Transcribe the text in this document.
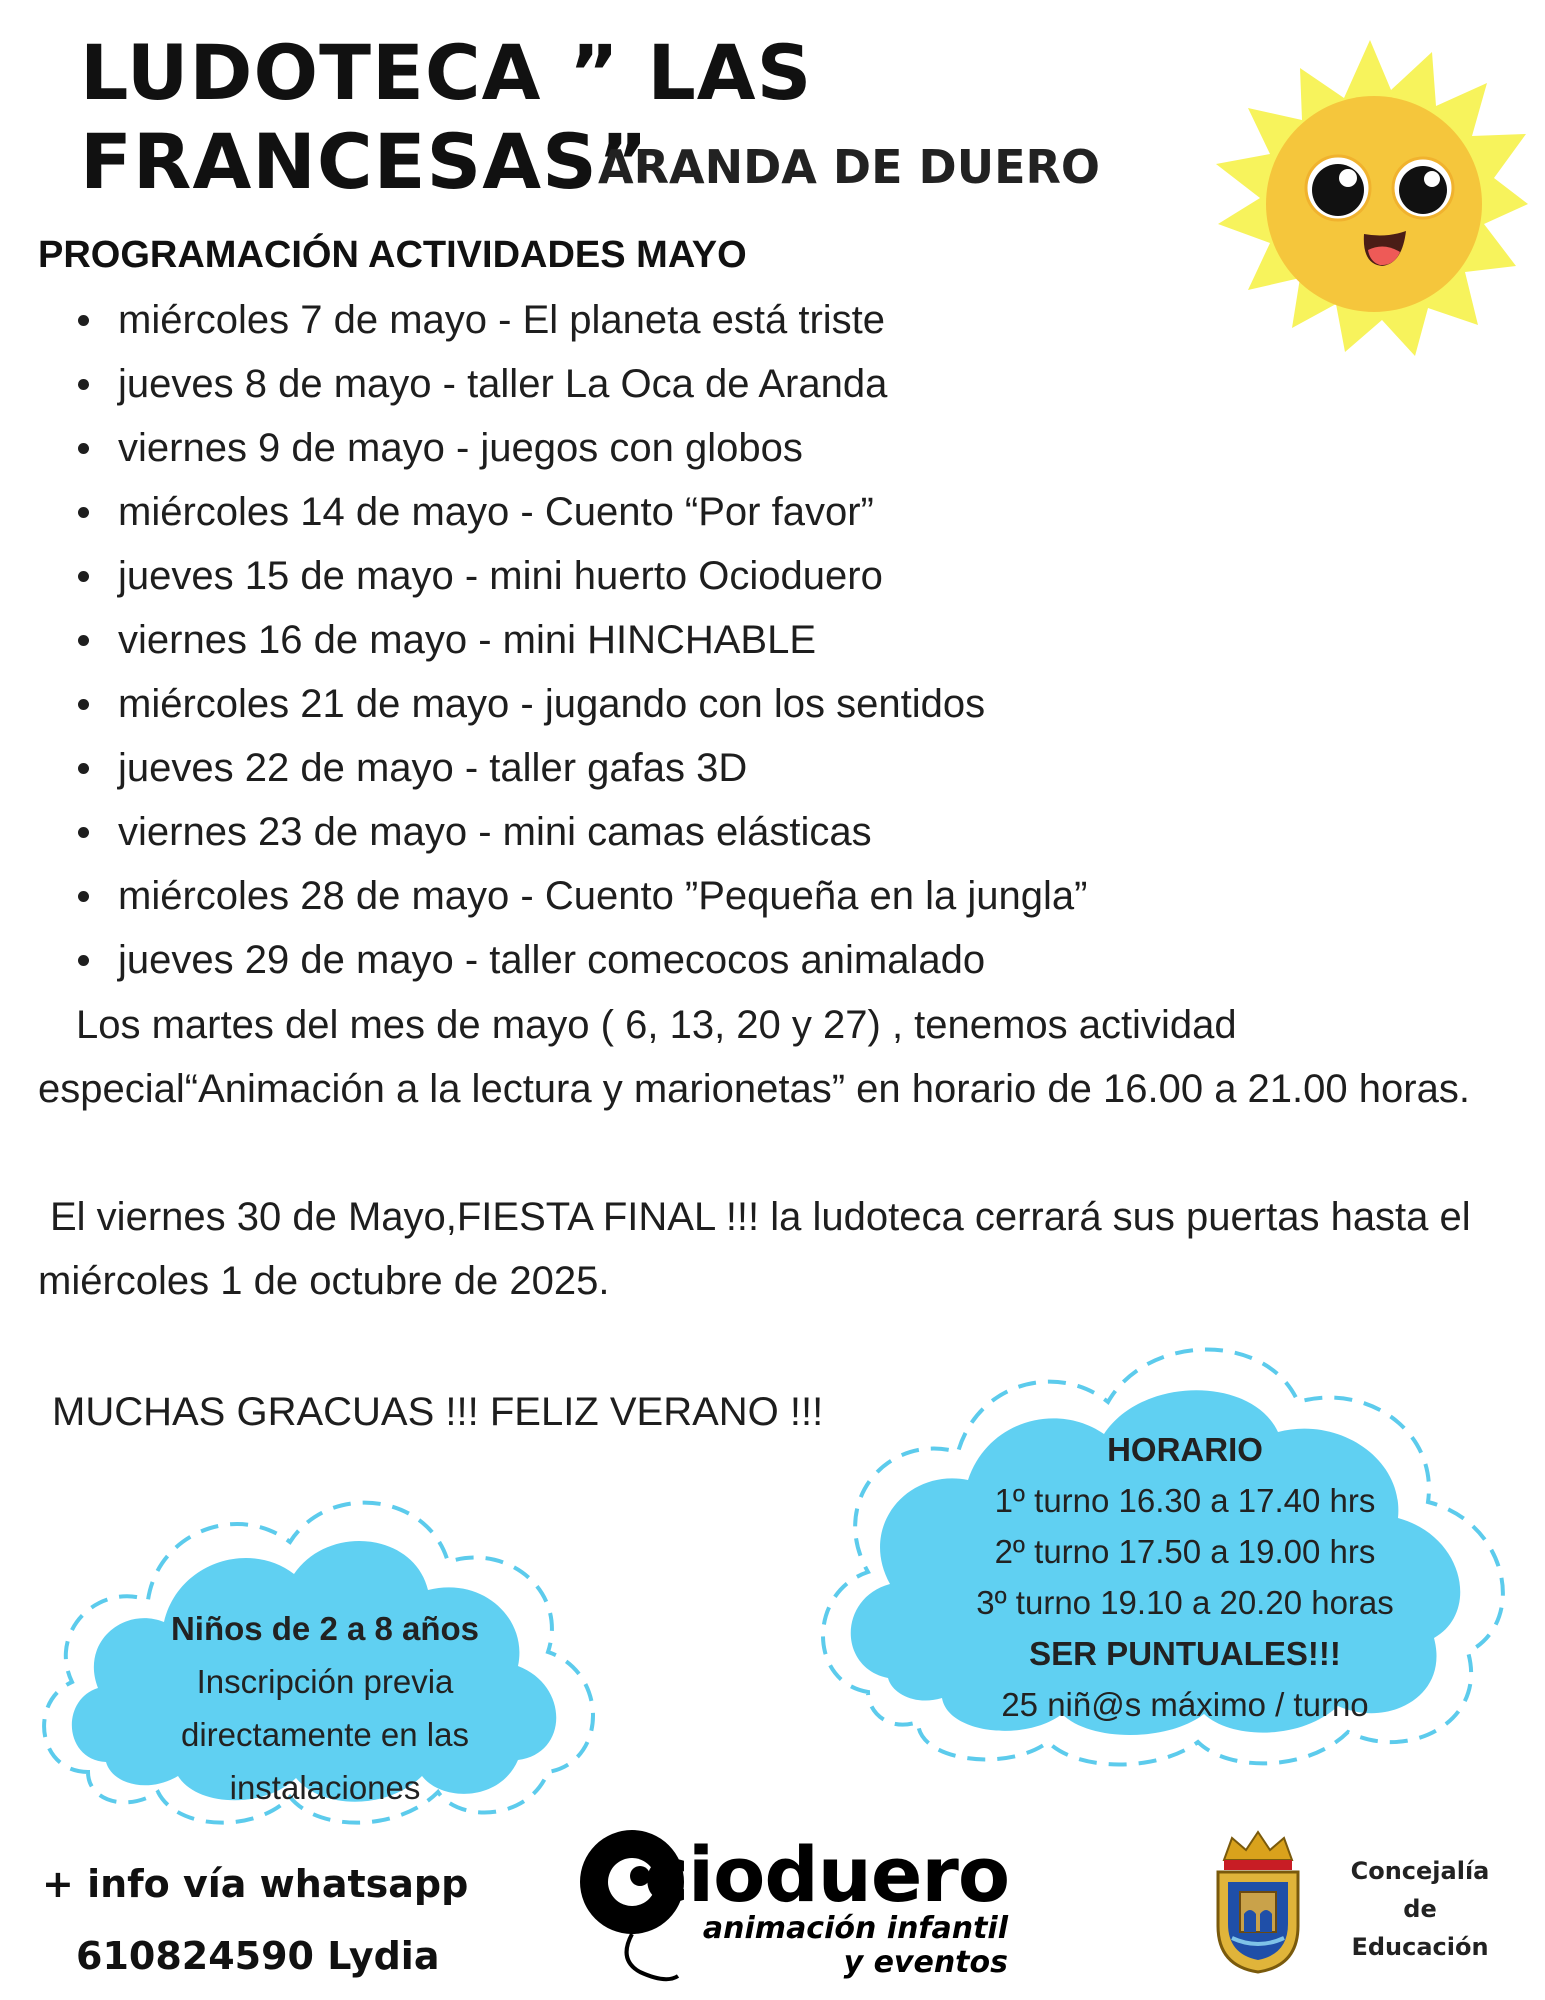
LUDOTECA ” LAS FRANCESAS”
ARANDA DE DUERO
PROGRAMACIÓN ACTIVIDADES MAYO
miércoles 7 de mayo - El planeta está triste
jueves 8 de mayo - taller La Oca de Aranda
viernes 9 de mayo - juegos con globos
miércoles 14 de mayo - Cuento “Por favor”
jueves 15 de mayo - mini huerto Ocioduero
viernes 16 de mayo - mini HINCHABLE
miércoles 21 de mayo - jugando con los sentidos
jueves 22 de mayo - taller gafas 3D
viernes 23 de mayo - mini camas elásticas
miércoles 28 de mayo - Cuento ”Pequeña en la jungla”
jueves 29 de mayo - taller comecocos animalado

Los martes del mes de mayo ( 6, 13, 20 y 27) , tenemos actividad especial“Animación a la lectura y marionetas” en horario de 16.00 a 21.00 horas.

El viernes 30 de Mayo,FIESTA FINAL !!! la ludoteca cerrará sus puertas hasta el miércoles 1 de octubre de 2025.

MUCHAS GRACUAS !!! FELIZ VERANO !!!

Niños de 2 a 8 años
Inscripción previa
directamente en las
instalaciones
HORARIO
1º turno 16.30 a 17.40 hrs
2º turno 17.50 a 19.00 hrs
3º turno 19.10 a 20.20 horas
SER PUNTUALES!!!
25 niñ@s máximo / turno
+ info vía whatsapp
610824590 Lydia
cioduero
animación infantil
y eventos
Concejalía
de
Educación
